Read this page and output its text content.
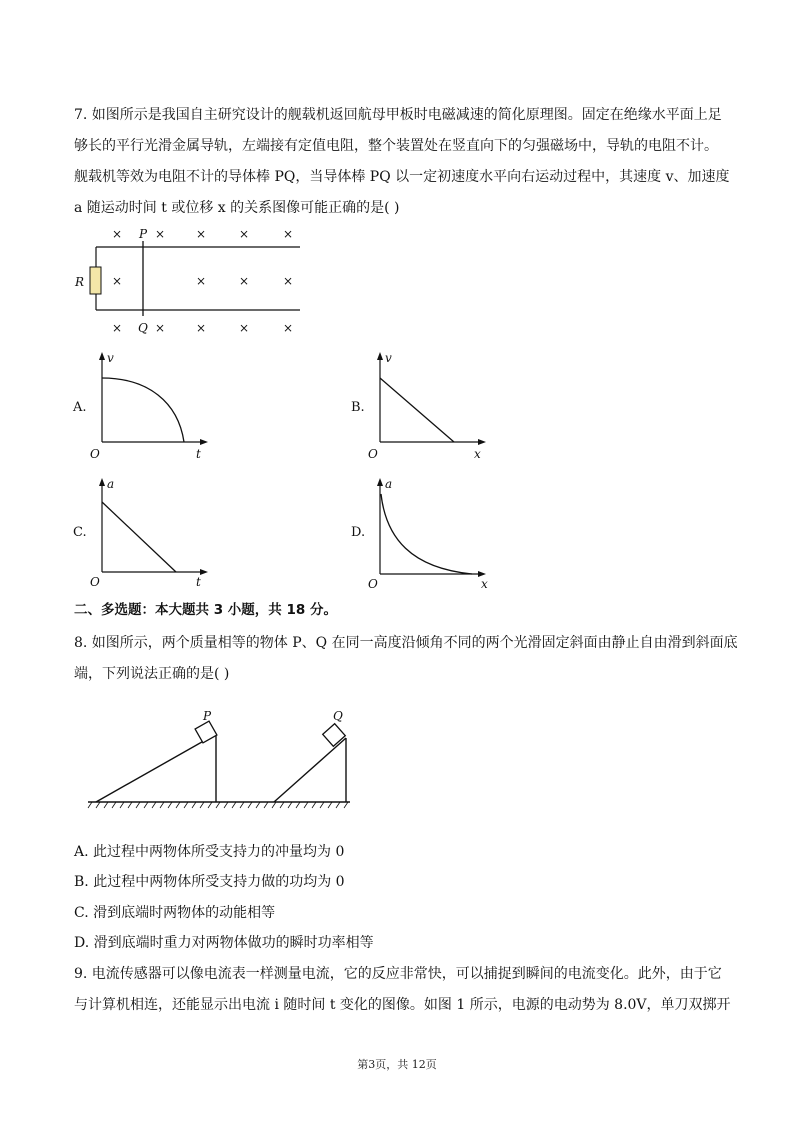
7. 如图所示是我国自主研究设计的舰载机返回航母甲板时电磁减速的简化原理图。固定在绝缘水平面上足
够长的平行光滑金属导轨，左端接有定值电阻，整个装置处在竖直向下的匀强磁场中，导轨的电阻不计。
舰载机等效为电阻不计的导体棒 PQ，当导体棒 PQ 以一定初速度水平向右运动过程中，其速度 v、加速度
a 随运动时间 t 或位移 x 的关系图像可能正确的是( )
R
P
Q
×	×	×	×	×
×	×	×	×
×	×	×	×	×
A.
v
t
O
B.
v
x
O
C.
a
t
O
D.
a
x
O
二、多选题：本大题共 3 小题，共 18 分。
8. 如图所示，两个质量相等的物体 P、Q 在同一高度沿倾角不同的两个光滑固定斜面由静止自由滑到斜面底
端，下列说法正确的是( )
P	Q
A. 此过程中两物体所受支持力的冲量均为 0
B. 此过程中两物体所受支持力做的功均为 0
C. 滑到底端时两物体的动能相等
D. 滑到底端时重力对两物体做功的瞬时功率相等
9. 电流传感器可以像电流表一样测量电流，它的反应非常快，可以捕捉到瞬间的电流变化。此外，由于它
与计算机相连，还能显示出电流 i 随时间 t 变化的图像。如图 1 所示，电源的电动势为 8.0V，单刀双掷开
第3页，共 12页
